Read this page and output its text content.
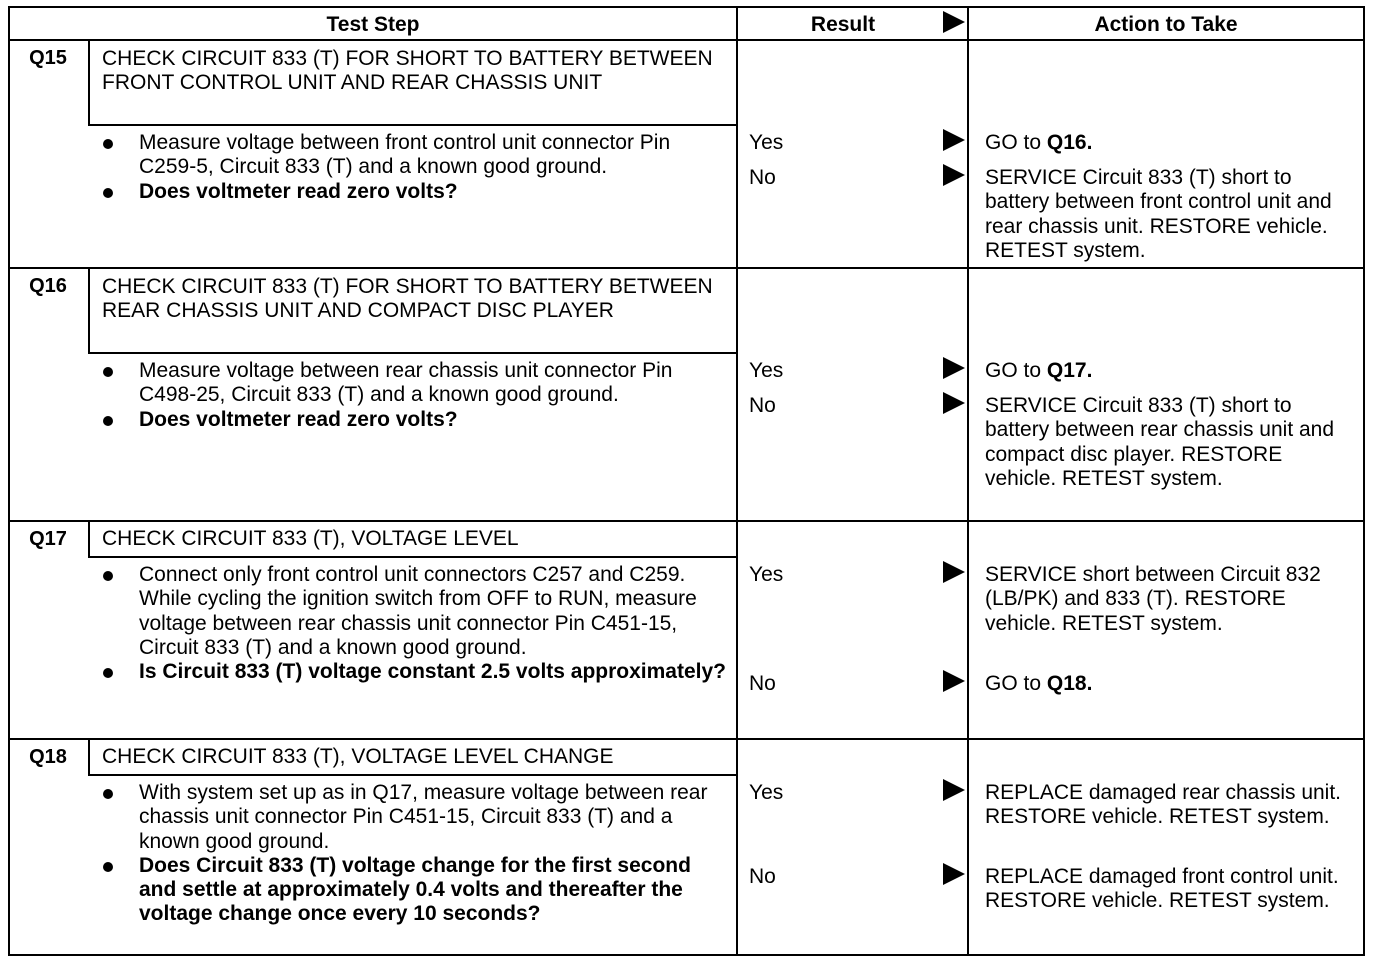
Test Step	Result	Action to Take
Q15	CHECK CIRCUIT 833 (T) FOR SHORT TO BATTERY BETWEEN FRONT CONTROL UNIT AND REAR CHASSIS UNIT
Measure voltage between front control unit connector Pin C259-5, Circuit 833 (T) and a known good ground.
Does voltmeter read zero volts?
Yes	GO to Q16.
No	SERVICE Circuit 833 (T) short to battery between front control unit and rear chassis unit. RESTORE vehicle. RETEST system.
Q16	CHECK CIRCUIT 833 (T) FOR SHORT TO BATTERY BETWEEN REAR CHASSIS UNIT AND COMPACT DISC PLAYER
Measure voltage between rear chassis unit connector Pin C498-25, Circuit 833 (T) and a known good ground.
Does voltmeter read zero volts?
Yes	GO to Q17.
No	SERVICE Circuit 833 (T) short to battery between rear chassis unit and compact disc player. RESTORE vehicle. RETEST system.
Q17	CHECK CIRCUIT 833 (T), VOLTAGE LEVEL
Connect only front control unit connectors C257 and C259. While cycling the ignition switch from OFF to RUN, measure voltage between rear chassis unit connector Pin C451-15, Circuit 833 (T) and a known good ground.
Is Circuit 833 (T) voltage constant 2.5 volts approximately?
Yes	SERVICE short between Circuit 832 (LB/PK) and 833 (T). RESTORE vehicle. RETEST system.
No	GO to Q18.
Q18	CHECK CIRCUIT 833 (T), VOLTAGE LEVEL CHANGE
With system set up as in Q17, measure voltage between rear chassis unit connector Pin C451-15, Circuit 833 (T) and a known good ground.
Does Circuit 833 (T) voltage change for the first second and settle at approximately 0.4 volts and thereafter the voltage change once every 10 seconds?
Yes	REPLACE damaged rear chassis unit. RESTORE vehicle. RETEST system.
No	REPLACE damaged front control unit. RESTORE vehicle. RETEST system.
